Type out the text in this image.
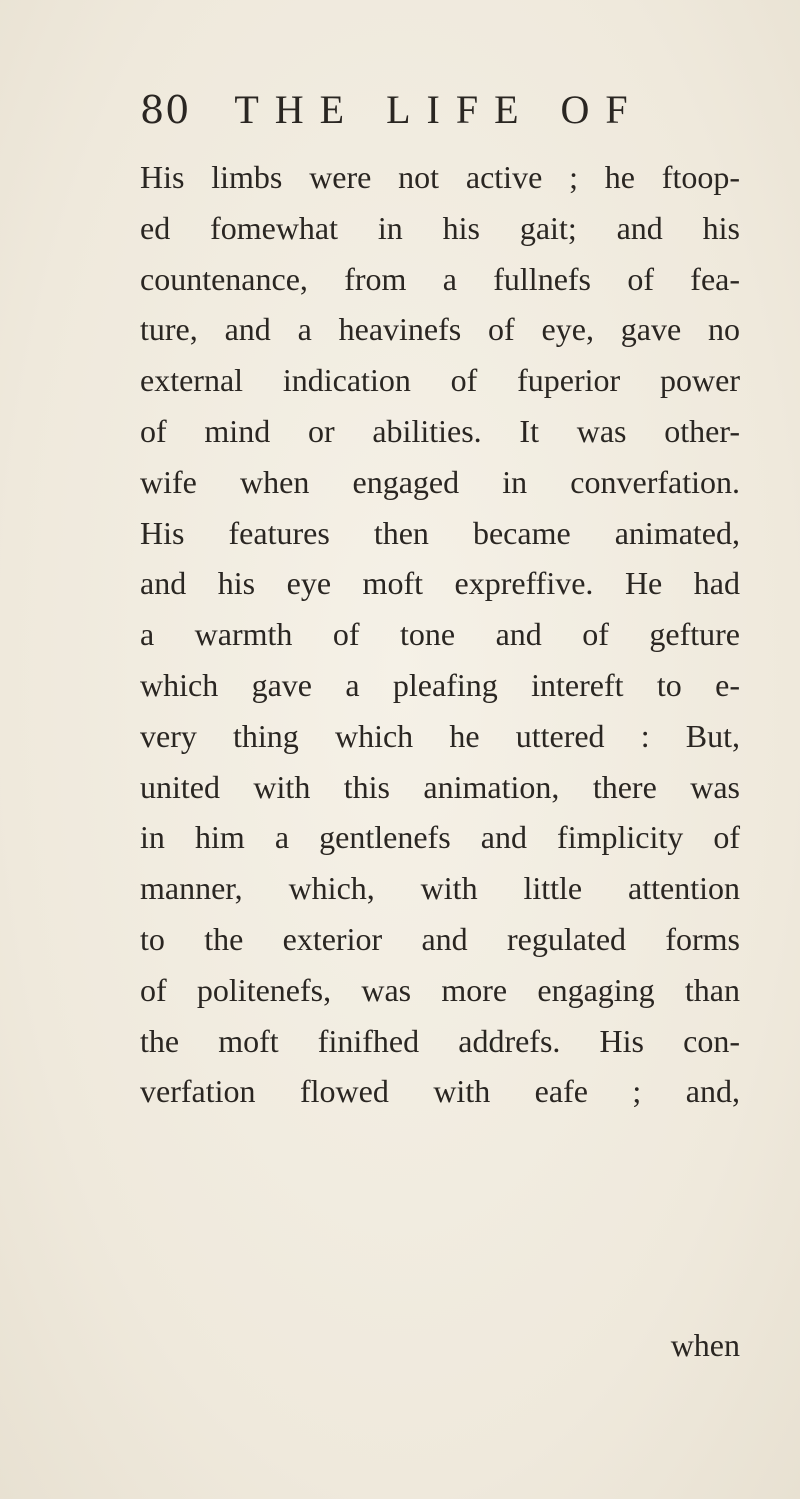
80 THE LIFE OF
His limbs were not active ; he ftoop-
ed fomewhat in his gait; and his
countenance, from a fullnefs of fea-
ture, and a heavinefs of eye, gave no
external indication of fuperior power
of mind or abilities. It was other-
wife when engaged in converfation.
His features then became animated,
and his eye moft expreffive. He had
a warmth of tone and of gefture
which gave a pleafing intereft to e-
very thing which he uttered : But,
united with this animation, there was
in him a gentlenefs and fimplicity of
manner, which, with little attention
to the exterior and regulated forms
of politenefs, was more engaging than
the moft finifhed addrefs. His con-
verfation flowed with eafe ; and,
when
